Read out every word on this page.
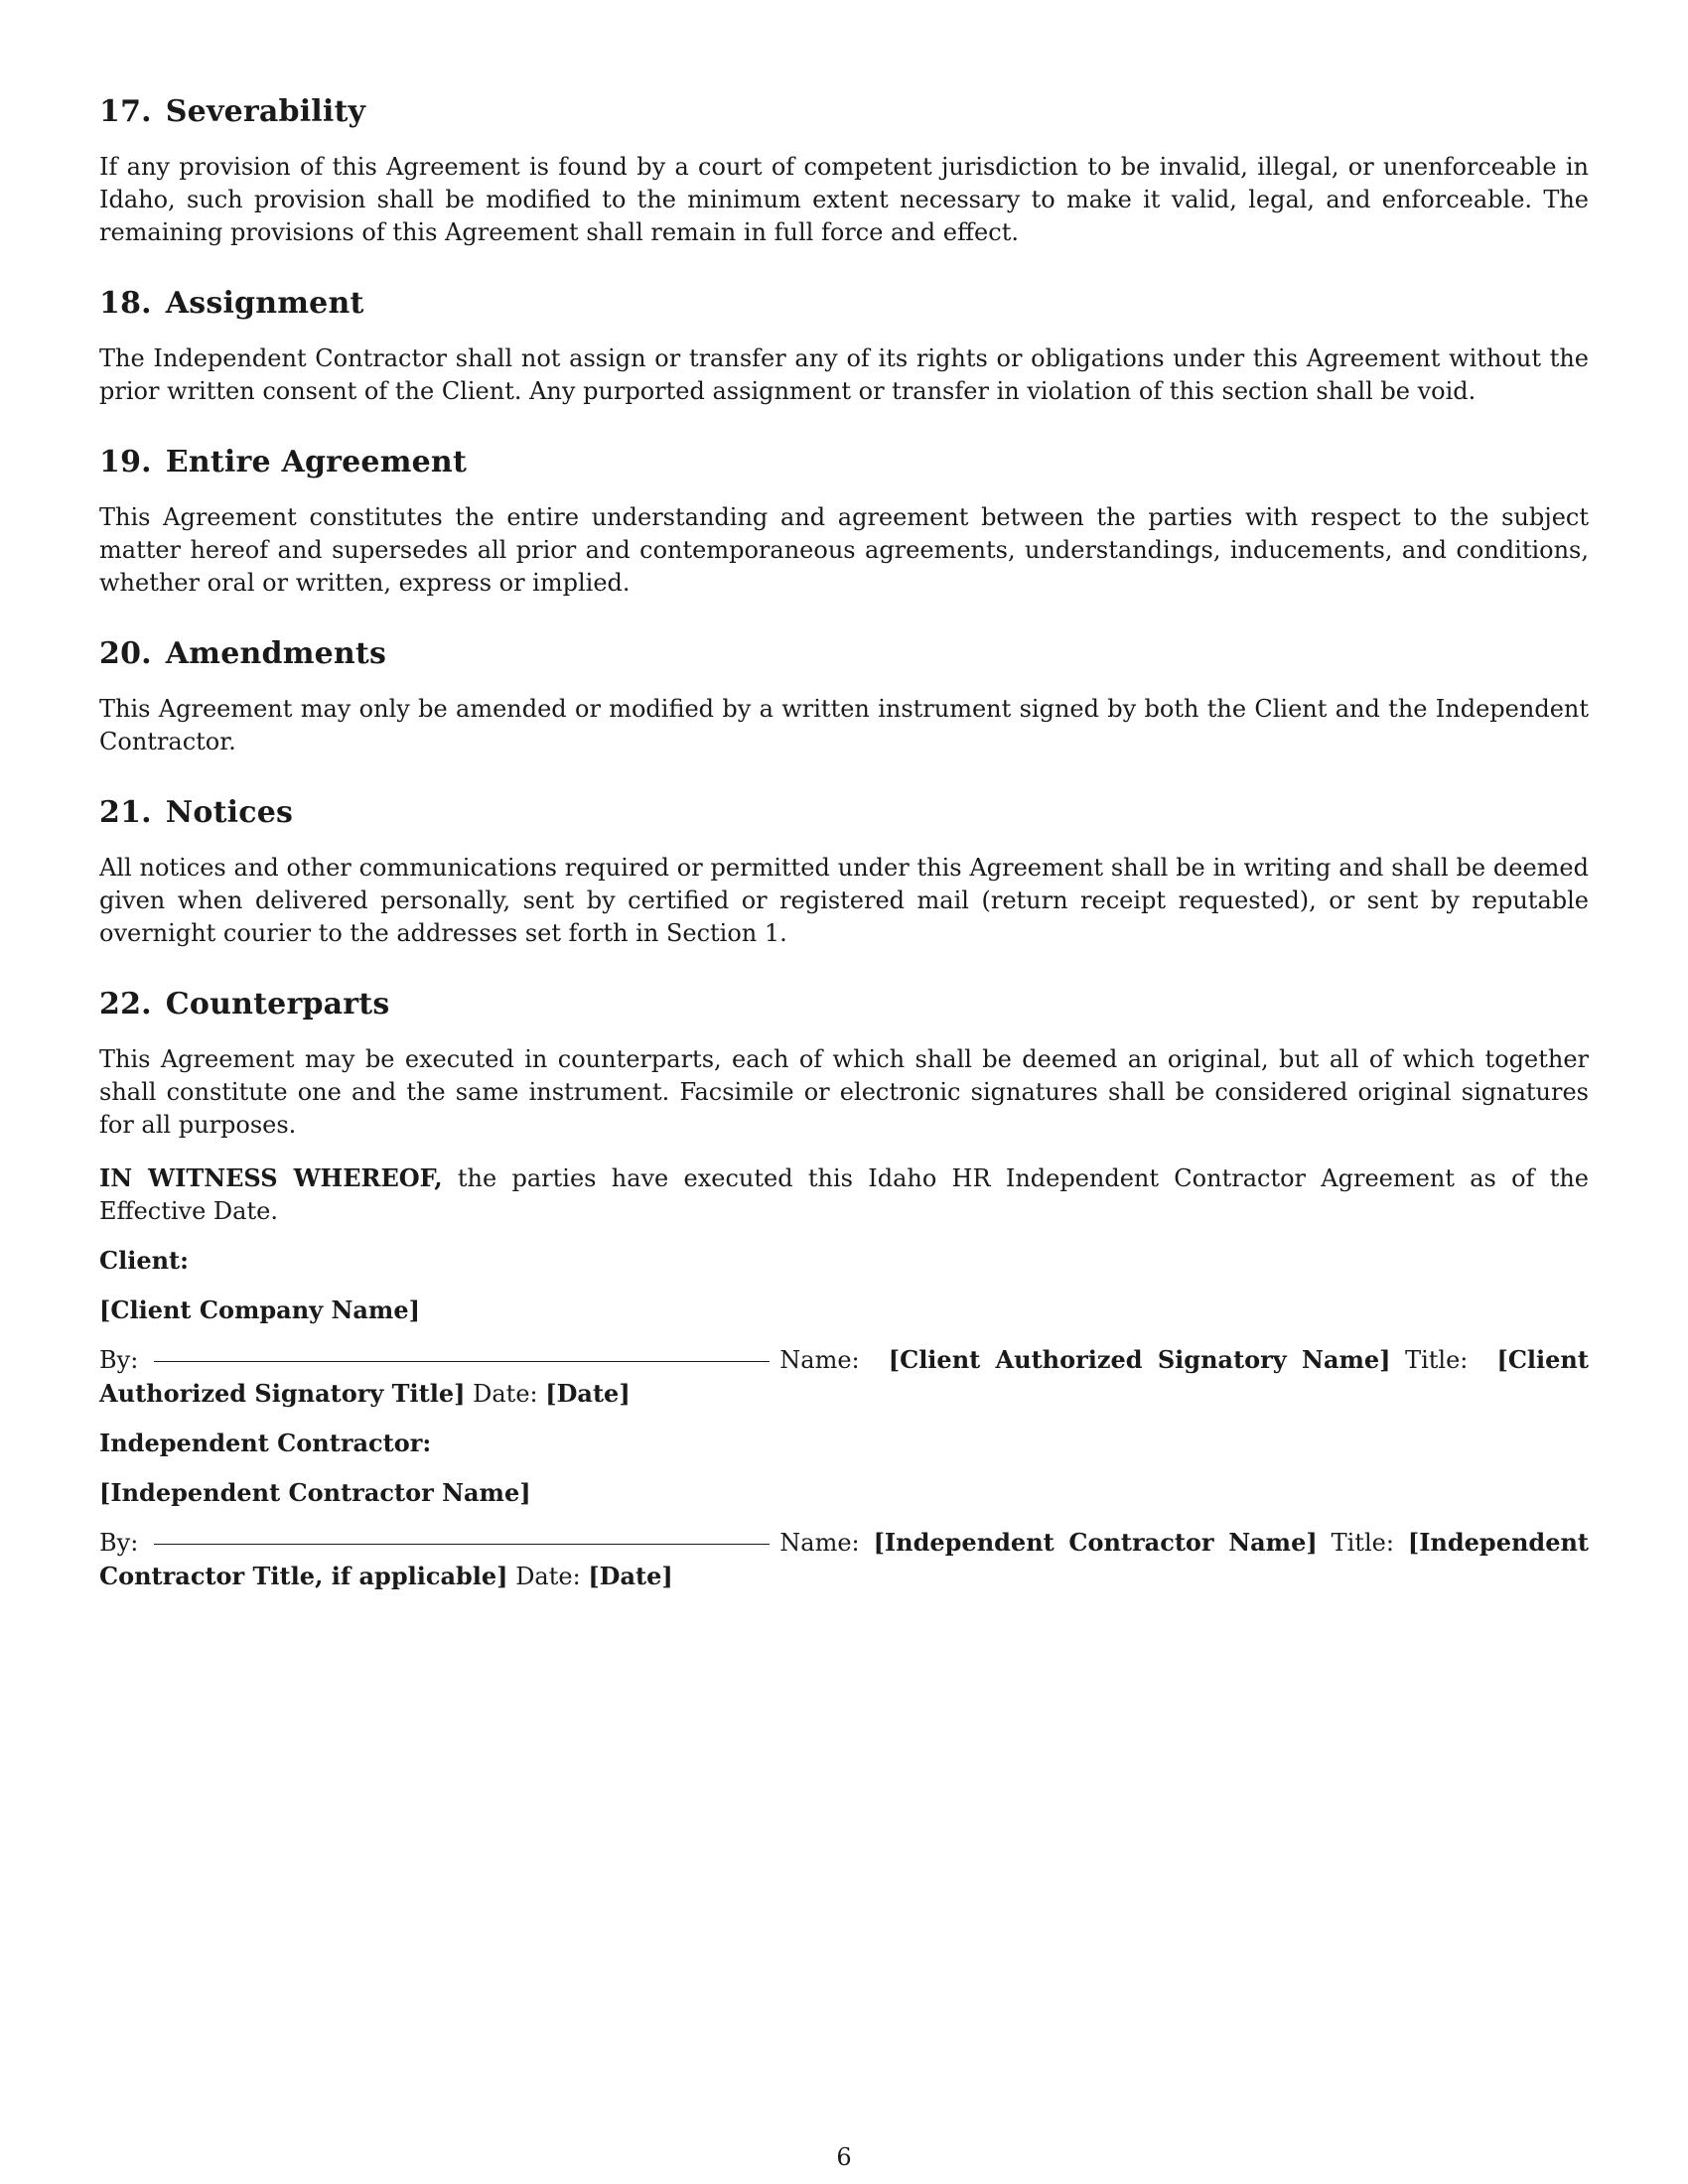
17. Severability

If any provision of this Agreement is found by a court of competent jurisdiction to be invalid, illegal, or unenforceable in Idaho, such provision shall be modified to the minimum extent necessary to make it valid, legal, and enforceable. The remaining provisions of this Agreement shall remain in full force and effect.

18. Assignment

The Independent Contractor shall not assign or transfer any of its rights or obligations under this Agreement without the prior written consent of the Client. Any purported assignment or transfer in violation of this section shall be void.

19. Entire Agreement

This Agreement constitutes the entire understanding and agreement between the parties with respect to the subject matter hereof and supersedes all prior and contemporaneous agreements, understandings, inducements, and conditions, whether oral or written, express or implied.

20. Amendments

This Agreement may only be amended or modified by a written instrument signed by both the Client and the Independent Contractor.

21. Notices

All notices and other communications required or permitted under this Agreement shall be in writing and shall be deemed given when delivered personally, sent by certified or registered mail (return receipt requested), or sent by reputable overnight courier to the addresses set forth in Section 1.

22. Counterparts

This Agreement may be executed in counterparts, each of which shall be deemed an original, but all of which together shall constitute one and the same instrument. Facsimile or electronic signatures shall be considered original signatures for all purposes.

IN WITNESS WHEREOF, the parties have executed this Idaho HR Independent Contractor Agreement as of the Effective Date.

Client:
[Client Company Name]
By:	Name: [Client Authorized Signatory Name] Title: [Client Authorized Signatory Title] Date: [Date]
Independent Contractor:
[Independent Contractor Name]
By:	Name: [Independent Contractor Name] Title: [Independent Contractor Title, if applicable] Date: [Date]
6
